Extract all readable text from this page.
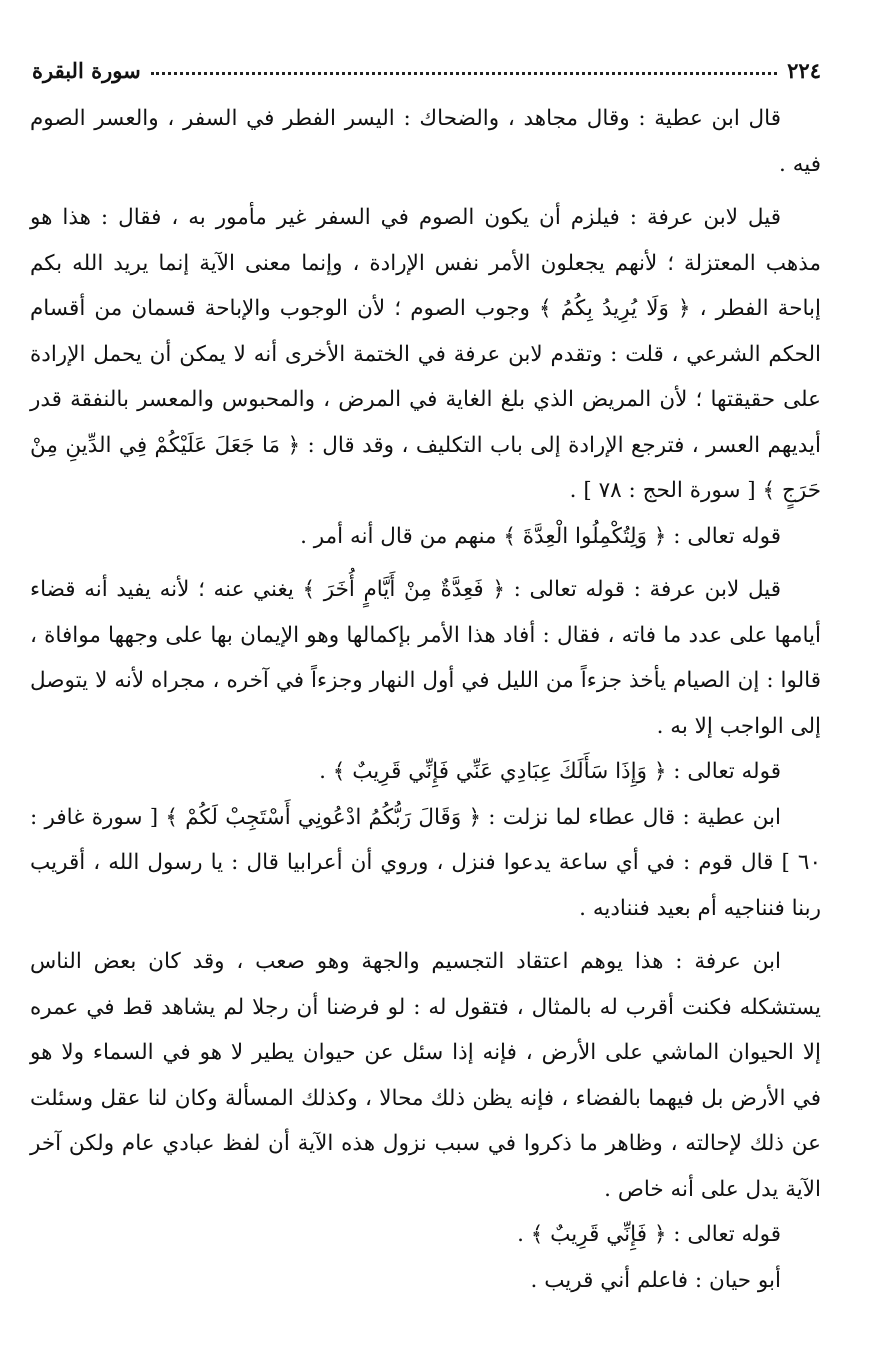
٢٢٤
سورة البقرة

قال ابن عطية : وقال مجاهد ، والضحاك : اليسر الفطر في السفر ، والعسر الصوم فيه .

قيل لابن عرفة : فيلزم أن يكون الصوم في السفر غير مأمور به ، فقال : هذا هو مذهب المعتزلة ؛ لأنهم يجعلون الأمر نفس الإرادة ، وإنما معنى الآية إنما يريد الله بكم إباحة الفطر ، ﴿ وَلَا يُرِيدُ بِكُمُ ﴾ وجوب الصوم ؛ لأن الوجوب والإباحة قسمان من أقسام الحكم الشرعي ، قلت : وتقدم لابن عرفة في الختمة الأخرى أنه لا يمكن أن يحمل الإرادة على حقيقتها ؛ لأن المريض الذي بلغ الغاية في المرض ، والمحبوس والمعسر بالنفقة قدر أيديهم العسر ، فترجع الإرادة إلى باب التكليف ، وقد قال : ﴿ مَا جَعَلَ عَلَيْكُمْ فِي الدِّينِ مِنْ حَرَجٍ ﴾ [ سورة الحج : ٧٨ ] .

قوله تعالى : ﴿ وَلِتُكْمِلُوا الْعِدَّةَ ﴾ منهم من قال أنه أمر .

قيل لابن عرفة : قوله تعالى : ﴿ فَعِدَّةٌ مِنْ أَيَّامٍ أُخَرَ ﴾ يغني عنه ؛ لأنه يفيد أنه قضاء أيامها على عدد ما فاته ، فقال : أفاد هذا الأمر بإكمالها وهو الإيمان بها على وجهها موافاة ، قالوا : إن الصيام يأخذ جزءاً من الليل في أول النهار وجزءاً في آخره ، مجراه لأنه لا يتوصل إلى الواجب إلا به .

قوله تعالى : ﴿ وَإِذَا سَأَلَكَ عِبَادِي عَنِّي فَإِنِّي قَرِيبٌ ﴾ .

ابن عطية : قال عطاء لما نزلت : ﴿ وَقَالَ رَبُّكُمُ ادْعُونِي أَسْتَجِبْ لَكُمْ ﴾ [ سورة غافر : ٦٠ ] قال قوم : في أي ساعة يدعوا فنزل ، وروي أن أعرابيا قال : يا رسول الله ، أقريب ربنا فنناجيه أم بعيد فنناديه .

ابن عرفة : هذا يوهم اعتقاد التجسيم والجهة وهو صعب ، وقد كان بعض الناس يستشكله فكنت أقرب له بالمثال ، فتقول له : لو فرضنا أن رجلا لم يشاهد قط في عمره إلا الحيوان الماشي على الأرض ، فإنه إذا سئل عن حيوان يطير لا هو في السماء ولا هو في الأرض بل فيهما بالفضاء ، فإنه يظن ذلك محالا ، وكذلك المسألة وكان لنا عقل وسئلت عن ذلك لإحالته ، وظاهر ما ذكروا في سبب نزول هذه الآية أن لفظ عبادي عام ولكن آخر الآية يدل على أنه خاص .

قوله تعالى : ﴿ فَإِنِّي قَرِيبٌ ﴾ .

أبو حيان : فاعلم أني قريب .
